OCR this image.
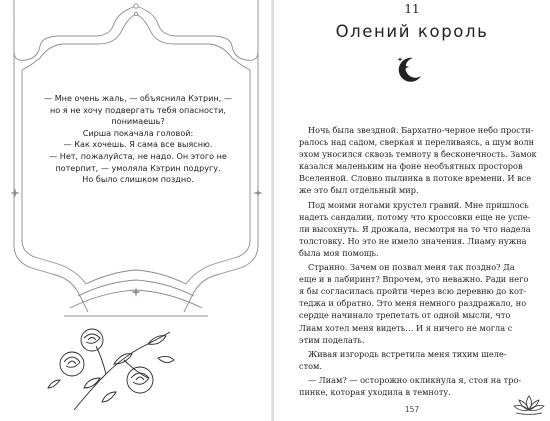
— Мне очень жаль, — объяснила Кэтрин, —

но я не хочу подвергать тебя опасности,

понимаешь?

Сирша покачала головой:

— Как хочешь. Я сама все выясню.

— Нет, пожалуйста, не надо. Он этого не

потерпит, — умоляла Кэтрин подругу.

Но было слишком поздно.

11
Олений король

Ночь была звездной. Бархатно-черное небо прости-

ралось над садом, сверкая и переливаясь, а шум волн

эхом уносился сквозь темноту в бесконечность. Замок

казался маленьким на фоне необъятных просторов

Вселенной. Словно пылинка в потоке времени. И все

же это был отдельный мир.

Под моими ногами хрустел гравий. Мне пришлось

надеть сандалии, потому что кроссовки еще не успе-

ли высохнуть. Я дрожала, несмотря на то что надела

толстовку. Но это не имело значения. Лиаму нужна

была моя помощь.

Странно. Зачем он позвал меня так поздно? Да

еще и в лабиринт? Впрочем, это неважно. Ради него

я бы согласилась пройти через всю деревню до кот-

теджа и обратно. Это меня немного раздражало, но

сердце начинало трепетать от одной мысли, что

Лиам хотел меня видеть… И я ничего не могла с

этим поделать.

Живая изгородь встретила меня тихим шеле-

стом.

— Лиам? — осторожно окликнула я, стоя на тро-

пинке, которая уходила в темноту.

157
